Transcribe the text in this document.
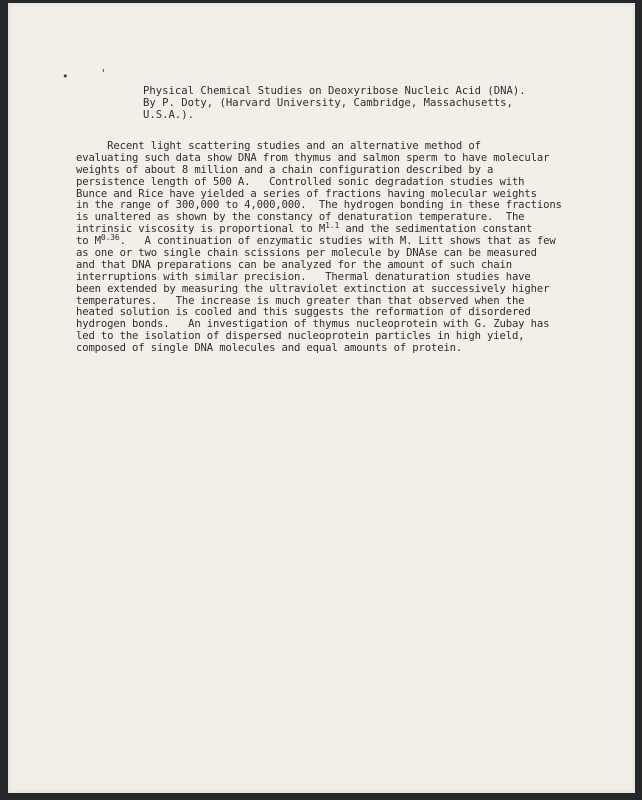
•	'
Physical Chemical Studies on Deoxyribose Nucleic Acid (DNA).
By P. Doty, (Harvard University, Cambridge, Massachusetts,
U.S.A.).
Recent light scattering studies and an alternative method of
evaluating such data show DNA from thymus and salmon sperm to have molecular
weights of about 8 million and a chain configuration described by a
persistence length of 500 A.   Controlled sonic degradation studies with
Bunce and Rice have yielded a series of fractions having molecular weights
in the range of 300,000 to 4,000,000.  The hydrogen bonding in these fractions
is unaltered as shown by the constancy of denaturation temperature.  The
intrinsic viscosity is proportional to $M^{1.1}$ and the sedimentation constant
to $M^{0.36}$.   A continuation of enzymatic studies with M. Litt shows that as few
as one or two single chain scissions per molecule by DNAse can be measured
and that DNA preparations can be analyzed for the amount of such chain
interruptions with similar precision.   Thermal denaturation studies have
been extended by measuring the ultraviolet extinction at successively higher
temperatures.   The increase is much greater than that observed when the
heated solution is cooled and this suggests the reformation of disordered
hydrogen bonds.   An investigation of thymus nucleoprotein with G. Zubay has
led to the isolation of dispersed nucleoprotein particles in high yield,
composed of single DNA molecules and equal amounts of protein.
